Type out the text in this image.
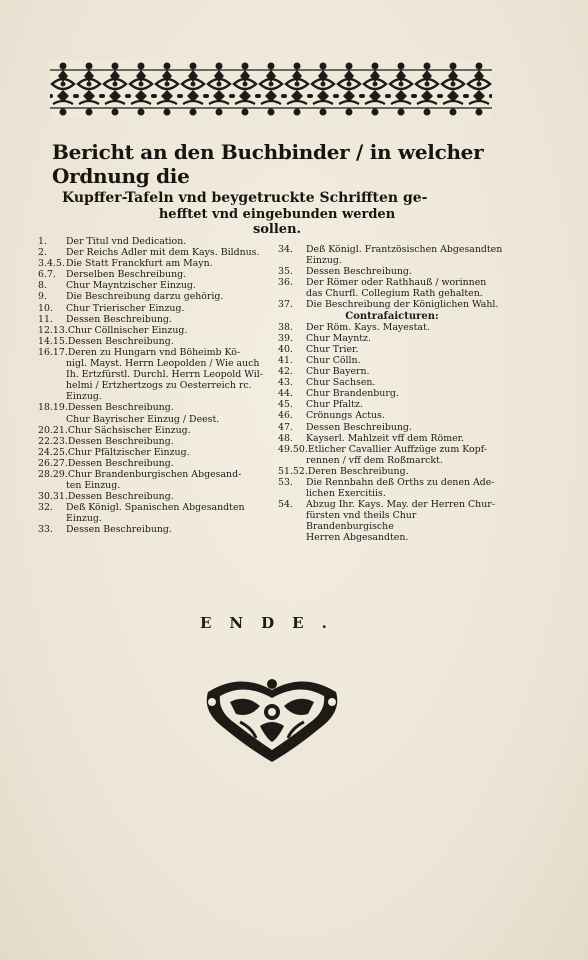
Bericht an den Buchbinder / in welcher Ordnung die
Kupffer-Tafeln vnd beygetruckte Schrifften ge-
hefftet vnd eingebunden werden
sollen.
1.	Der Titul vnd Dedication.
2.	Der Reichs Adler mit dem Kays. Bildnus.
3.4.5. Die Statt Franckfurt am Mayn.
6.7.	Derselben Beschreibung.
8.	Chur Mayntzischer Einzug.
9.	Die Beschreibung darzu gehörig.
10.	Chur Trierischer Einzug.
11.	Dessen Beschreibung.
12.13. Chur Cöllnischer Einzug.
14.15. Dessen Beschreibung.
16.17. Deren zu Hungarn vnd Böheimb Kö-
nigl. Mayst. Herrn Leopolden / Wie auch
Ih. Ertzfürstl. Durchl. Herrn Leopold Wil-
helmi / Ertzhertzogs zu Oesterreich rc. Einzug.
18.19. Dessen Beschreibung.
Chur Bayrischer Einzug / Deest.
20.21. Chur Sächsischer Einzug.
22.23. Dessen Beschreibung.
24.25. Chur Pfältzischer Einzug.
26.27. Dessen Beschreibung.
28.29. Chur Brandenburgischen Abgesand-
ten Einzug.
30.31. Dessen Beschreibung.
32.	Deß Königl. Spanischen Abgesandten
Einzug.
33.	Dessen Beschreibung.
34.	Deß Königl. Frantzösischen Abgesandten
Einzug.
35.	Dessen Beschreibung.
36.	Der Römer oder Rathhauß / worinnen
das Churfl. Collegium Rath gehalten.
37.	Die Beschreibung der Königlichen Wahl.
Contrafaicturen:
38.	Der Röm. Kays. Mayestat.
39.	Chur Mayntz.
40.	Chur Trier.
41.	Chur Cölln.
42.	Chur Bayern.
43.	Chur Sachsen.
44.	Chur Brandenburg.
45.	Chur Pfaltz.
46.	Crönungs Actus.
47.	Dessen Beschreibung.
48.	Kayserl. Mahlzeit vff dem Römer.
49.50. Etlicher Cavallier Auffzüge zum Kopf-
rennen / vff dem Roßmarckt.
51.52. Deren Beschreibung.
53.	Die Rennbahn deß Orths zu denen Ade-
lichen Exercitiis.
54.	Abzug Ihr. Kays. May. der Herren Chur-
fürsten vnd theils Chur Brandenburgische
Herren Abgesandten.
ENDE.
